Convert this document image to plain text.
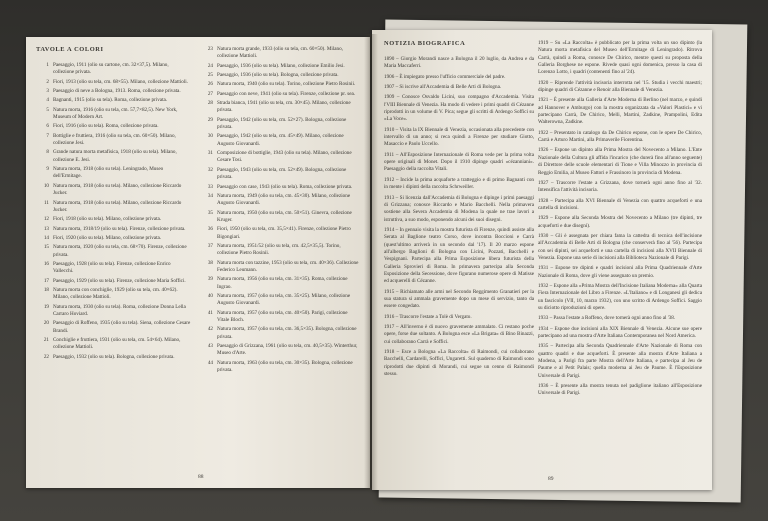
TAVOLE A COLORI
1 Paesaggio, 1911 (olio su cartone, cm. 32×37,5). Milano, collezione privata.
2 Fiori, 1913 (olio su tela, cm. 68×55). Milano, collezione Mattioli.
3 Paesaggio di neve a Bologna, 1913. Roma, collezione privata.
4 Bagnanti, 1915 (olio su tela). Roma, collezione privata.
5 Natura morta, 1916 (olio su tela, cm. 57,7×82,5). New York, Museum of Modern Art.
6 Fiori, 1916 (olio su tela). Roma, collezione privata.
7 Bottiglie e fruttiera, 1916 (olio su tela, cm. 60×50). Milano, collezione Jesi.
8 Grande natura morta metafisica, 1918 (olio su tela). Milano, collezione E. Jesi.
9 Natura morta, 1918 (olio su tela). Leningrado, Museo dell'Ermitage.
10 Natura morta, 1918 (olio su tela). Milano, collezione Riccardo Jucker.
11 Natura morta, 1918 (olio su tela). Milano, collezione Riccardo Jucker.
12 Fiori, 1918 (olio su tela). Milano, collezione privata.
13 Natura morta, 1918/19 (olio su tela). Firenze, collezione privata.
14 Fiori, 1920 (olio su tela). Milano, collezione privata.
15 Natura morta, 1920 (olio su tela, cm. 68×70). Firenze, collezione privata.
16 Paesaggio, 1928 (olio su tela). Firenze, collezione Enrico Vallecchi.
17 Paesaggio, 1929 (olio su tela). Firenze, collezione Maria Soffici.
18 Natura morta con conchiglie, 1929 (olio su tela, cm. 40×62). Milano, collezione Mattioli.
19 Natura morta, 1930 (olio su tela). Roma, collezione Donna Lella Carraro Hoviard.
20 Paesaggio di Roffeno, 1935 (olio su tela). Siena, collezione Cesare Brandi.
21 Conchiglie e fruttiera, 1931 (olio su tela, cm. 54×64). Milano, collezione Mattioli.
22 Paesaggio, 1932 (olio su tela). Bologna, collezione privata.
23 Natura morta grande, 1933 (olio su tela, cm. 60×50). Milano, collezione Mattioli.
24 Paesaggio, 1936 (olio su tela). Milano, collezione Emilio Jesi.
25 Paesaggio, 1936 (olio su tela). Bologna, collezione privata.
26 Natura morta, 1940 (olio su tela). Torino, collezione Pietro Rosinii.
27 Paesaggio con neve, 1941 (olio su tela). Firenze, collezione pr. sea.
28 Strada bianca, 1941 (olio su tela, cm. 30×45). Milano, collezione privata.
29 Paesaggio, 1942 (olio su tela, cm. 52×27). Bologna, collezione privata.
30 Paesaggio, 1942 (olio su tela, cm. 45×49). Milano, collezione Augusto Giovanardi.
31 Composizione di bottiglie, 1943 (olio su tela). Milano, collezione Cesare Tosi.
32 Paesaggio, 1943 (olio su tela, cm. 52×49). Bologna, collezione privata.
33 Paesaggio con case, 1943 (olio su tela). Roma, collezione privata.
34 Natura morta, 1949 (olio su tela, cm. 45×30). Milano, collezione Augusto Giovanardi.
35 Natura morta, 1950 (olio su tela, cm. 50×51). Ginevra, collezione Kruger.
36 Fiori, 1950 (olio su tela, cm. 35,5×41). Firenze, collezione Pietro Bigongiari.
37 Natura morta, 1951/52 (olio su tela, cm. 42,5×35,5). Torino, collezione Pietro Rosinii.
38 Natura morta con tazzine, 1953 (olio su tela, cm. 40×36). Collezione Federico Leumann.
39 Natura morta, 1956 (olio su tela, cm. 31×35). Roma, collezione Ingrao.
40 Natura morta, 1957 (olio su tela, cm. 35×25). Milano, collezione Augusto Giovanardi.
41 Natura morta, 1957 (olio su tela, cm. 40×50). Parigi, collezione Vitale Bloch.
42 Natura morta, 1957 (olio su tela, cm. 36,5×35). Bologna, collezione privata.
43 Paesaggio di Grizzana, 1961 (olio su tela, cm. 40,5×35). Winterthur, Museo d'Arte.
44 Natura morta, 1963 (olio su tela, cm. 30×35). Bologna, collezione privata.
88
NOTIZIA BIOGRAFICA
1890 – Giorgio Morandi nasce a Bologna il 20 luglio, da Andrea e da Maria Maccaferri.
1906 – È impiegato presso l'ufficio commerciale del padre.
1907 – Si iscrive all'Accademia di Belle Arti di Bologna.
1909 – Conosce Osvaldo Licini, suo compagno d'Accademia. Visita l'VIII Biennale di Venezia. Ha modo di vedere i primi quadri di Cézanne riprodotti in un volume di V. Pica; segue gli scritti di Ardengo Soffici su «La Voce».
1910 – Visita la IX Biennale di Venezia, occasionata alla precedente con intervallo di un anno; si reca quindi a Firenze per studiare Giotto, Masaccio e Paolo Uccello.
1911 – All'Esposizione Internazionale di Roma vede per la prima volta opere originali di Monet. Dopo il 1910 dipinge quadri «cézanniani». Paesaggio della raccolta Vitali.
1912 – Incide la prima acquaforte a tratteggio e di primo Bagnanti con in mente i dipinti della raccolta Schrweiller.
1913 – Si licenzia dall'Accademia di Bologna e dipinge i primi paesaggi di Grizzana; conosce Riccardo e Mario Bacchelli. Nella primavera sostiene alla Severa Accademia di Modena la quale ne trae lavori a istruttiva, a suo modo, esponendo alcuni dei suoi disegni.
1914 – In gennaio visita la mostra futurista di Firenze, quindi assiste alla Serata al Baglione teatro Corso, dove incontra Boccioni e Carrà (quest'ultimo arriverà in un secondo dal '17). Il 20 marzo espone all'albergo Baglioni di Bologna con Licini, Pozzati, Bacchelli e Vespignani. Partecipa alla Prima Esposizione libera futurista della Galleria Sprovieri di Roma. In primavera partecipa alla Seconda Esposizione della Secessione, dove figurano numerose opere di Matisse ed acquerelli di Cézanne.
1915 – Richiamato alle armi nel Secondo Reggimento Granatieri per la sua statura si ammala gravemente dopo un mese di servizio, tanto da essere congedato.
1916 – Trascorre l'estate a Tolè di Vergato.
1917 – All'inverno è di nuovo gravemente ammalato. Ci restano poche opere, forse due soltanto. A Bologna esce «La Brigata» di Bino Binazzi, cui collaborano Carrà e Soffici.
1918 – Esce a Bologna «La Raccolta» di Raimondi, cui collaborano Bacchelli, Cardarelli, Soffici, Ungaretti. Sul quaderno di Raimondi sono riprodotti due dipinti di Morandi, cui segue un cenno di Raimondi stesso.
1919 – Su «La Raccolta» è pubblicato per la prima volta un suo dipinto (la Natura morta metafisica del Museo dell'Ermitage di Leningrado). Ritrova Carrà, quindi a Roma, conosce De Chirico, mentre questi su proposta della Galleria Borghese ne espone. Rivede quasi ogni domenica, presso la casa di Lorenzo Lotto, i quadri (contenenti fino al '24).
1920 – Riprende l'attività incisoria interrotta nel '15. Studia i vecchi maestri; dipinge quadri di Cézanne e Renoir alla Biennale di Venezia.
1921 – È presente alla Galleria d'Arte Moderna di Berlino (nel marzo, e quindi ad Hannover e Amburgo) con la mostra organizzata da «Valori Plastici» e vi partecipano Carrà, De Chirico, Melli, Martini, Zadkine, Prampolini, Edita Walterowna, Zadkine.
1922 – Presentato in catalogo da De Chirico espone, con le opere De Chirico, Carrà e Arturo Martini, alla Primaverile Fiorentina.
1926 – Espone un dipinto alla Prima Mostra del Novecento a Milano. L'Ente Nazionale della Cultura gli affida l'incarico (che durerà fino all'anno seguente) di Direttore delle scuole elementari di Tione e Villa Minozzo in provincia di Reggio Emilia, al Museo Fattori e Frassinoro in provincia di Modena.
1927 – Trascorre l'estate a Grizzana, dove tornerà ogni anno fino al '32. Intensifica l'attività incisoria.
1928 – Partecipa alla XVI Biennale di Venezia con quattro acqueforti e una cartella di incisioni.
1929 – Espone alla Seconda Mostra del Novecento a Milano (tre dipinti, tre acqueforti e due disegni).
1930 – Gli è assegnata per chiara fama la cattedra di tecnica dell'incisione all'Accademia di Belle Arti di Bologna (che conserverà fino al '56). Partecipa con sei dipinti, sei acqueforti e una cartella di incisioni alla XVII Biennale di Venezia. Espone una serie di incisioni alla Biblioteca Nazionale di Parigi.
1931 – Espone tre dipinti e quadri incisioni alla Prima Quadriennale d'Arte Nazionale di Roma, dove gli viene assegnato un premio.
1932 – Espone alla «Prima Mostra dell'Incisione Italiana Moderna» alla Quarta Fiera Internazionale del Libro a Firenze. «L'Italiano» e di Longanesi gli dedica un fascicolo (VII, 10, marzo 1932), con uno scritto di Ardengo Soffici. Saggio su diciotto riproduzioni di opere.
1933 – Passa l'estate a Roffeno, dove tornerà ogni anno fino al '38.
1934 – Espone due incisioni alla XIX Biennale di Venezia. Alcune sue opere partecipano ad una mostra d'Arte Italiana Contemporanea nel Nord America.
1935 – Partecipa alla Seconda Quadriennale d'Arte Nazionale di Roma con quattro quadri e due acqueforti. È presente alla mostra d'Arte Italiana a Modena, a Parigi fra parte Mostra dell'Arte Italiana, e partecipa al Jeu de Paume e al Petit Palais; quella moderna ai Jeu de Paume. È l'Esposizione Universale di Parigi.
1936 – È presente alla mostra tenuta nel padiglione italiano all'Esposizione Universale di Parigi.
89
